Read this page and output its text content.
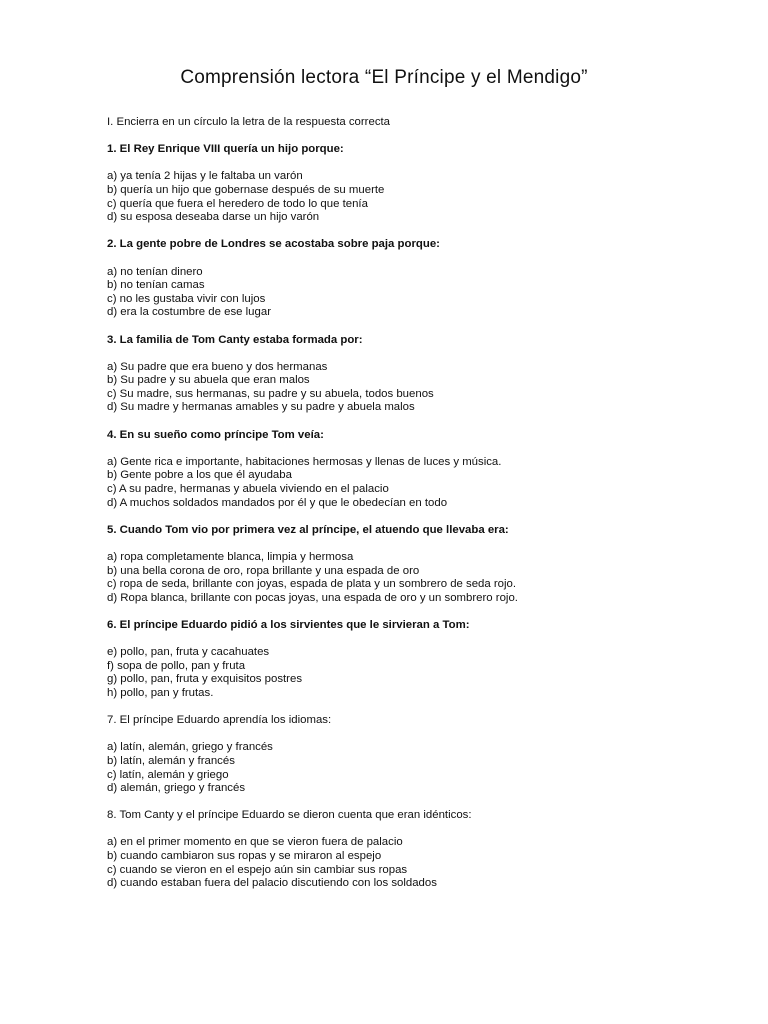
Comprensión lectora “El Príncipe y el Mendigo”
I. Encierra en un círculo la letra de la respuesta correcta
1. El Rey Enrique VIII quería un hijo porque:
a) ya tenía 2 hijas y le faltaba un varón
b) quería un hijo que gobernase después de su muerte
c) quería que fuera el heredero de todo lo que tenía
d) su esposa deseaba darse un hijo varón
2. La gente pobre de Londres se acostaba sobre paja porque:
a) no tenían dinero
b) no tenían camas
c) no les gustaba vivir con lujos
d) era la costumbre de ese lugar
3. La familia de Tom Canty estaba formada por:
a) Su padre que era bueno y dos hermanas
b) Su padre y su abuela que eran malos
c) Su madre, sus hermanas, su padre y su abuela, todos buenos
d) Su madre y hermanas amables y su padre y abuela malos
4. En su sueño como príncipe Tom veía:
a) Gente rica e importante, habitaciones hermosas y llenas de luces y música.
b) Gente pobre a los que él ayudaba
c) A su padre, hermanas y abuela viviendo en el palacio
d) A muchos soldados mandados por él y que le obedecían en todo
5. Cuando Tom vio por primera vez al príncipe, el atuendo que llevaba era:
a) ropa completamente blanca, limpia y hermosa
b) una bella corona de oro, ropa brillante y una espada de oro
c) ropa de seda, brillante con joyas, espada de plata y un sombrero de seda rojo.
d) Ropa blanca, brillante con pocas joyas, una espada de oro y un sombrero rojo.
6. El príncipe Eduardo pidió a los sirvientes que le sirvieran a Tom:
e) pollo, pan, fruta y cacahuates
f) sopa de pollo, pan y fruta
g) pollo, pan, fruta y exquisitos postres
h) pollo, pan y frutas.
7. El príncipe Eduardo aprendía los idiomas:
a) latín, alemán, griego y francés
b) latín, alemán y francés
c) latín, alemán y griego
d) alemán, griego y francés
8. Tom Canty y el príncipe Eduardo se dieron cuenta que eran idénticos:
a) en el primer momento en que se vieron fuera de palacio
b) cuando cambiaron sus ropas y se miraron al espejo
c) cuando se vieron en el espejo aún sin cambiar sus ropas
d) cuando estaban fuera del palacio discutiendo con los soldados
